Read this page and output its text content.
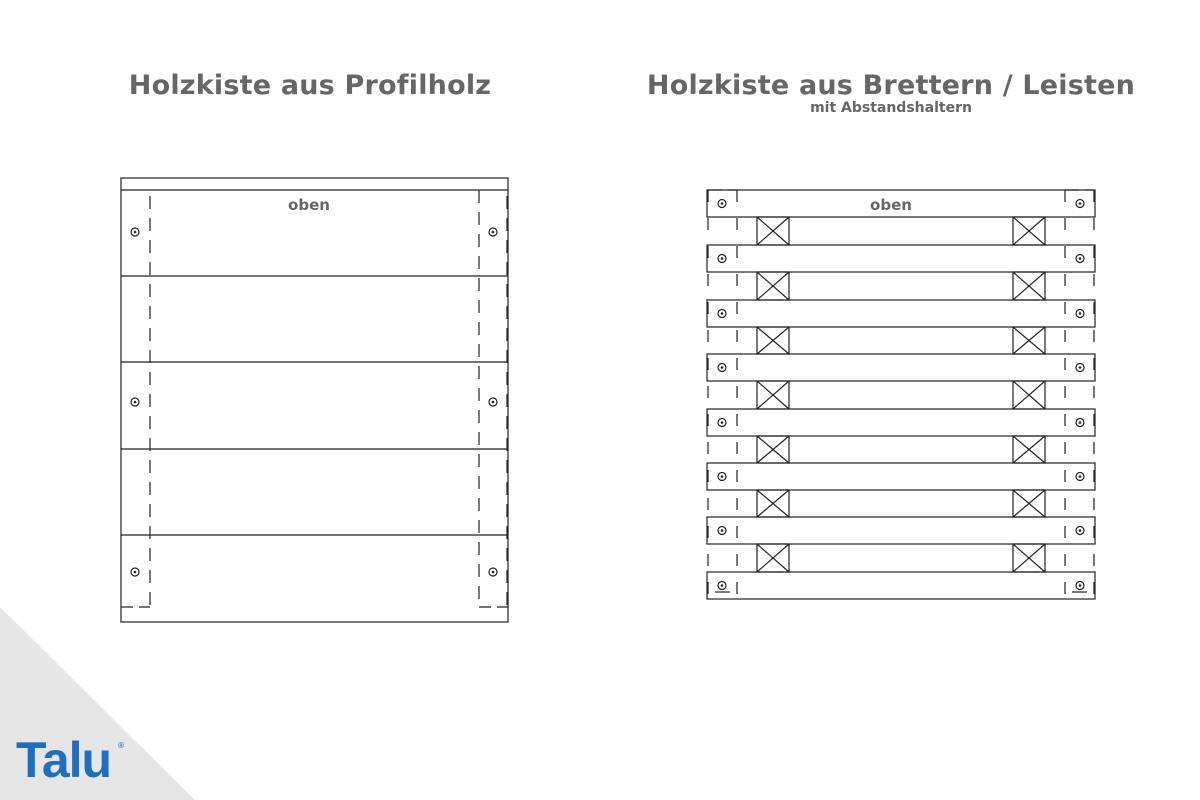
Holzkiste aus Profilholz	Holzkiste aus Brettern / Leisten
mit Abstandshaltern
oben	oben
Talu ®
